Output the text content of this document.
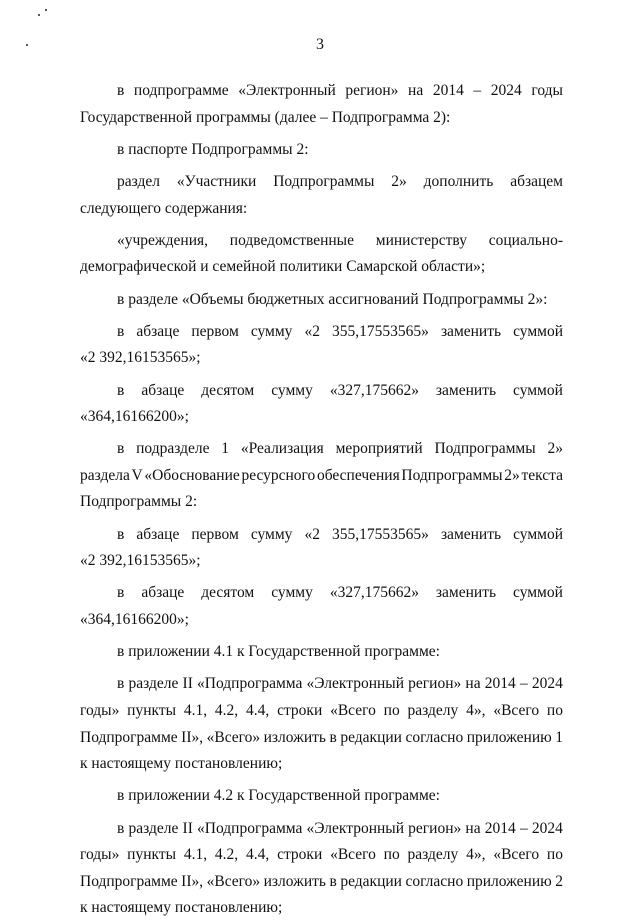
3
в подпрограмме «Электронный регион» на 2014 – 2024 годы
Государственной программы (далее – Подпрограмма 2):
в паспорте Подпрограммы 2:
раздел «Участники Подпрограммы 2» дополнить абзацем
следующего содержания:
«учреждения, подведомственные министерству социально-
демографической и семейной политики Самарской области»;
в разделе «Объемы бюджетных ассигнований Подпрограммы 2»:
в абзаце первом сумму «2 355,17553565» заменить суммой
«2 392,16153565»;
в абзаце десятом сумму «327,175662» заменить суммой
«364,16166200»;
в подразделе 1 «Реализация мероприятий Подпрограммы 2»
раздела V «Обоснование ресурсного обеспечения Подпрограммы 2» текста
Подпрограммы 2:
в абзаце первом сумму «2 355,17553565» заменить суммой
«2 392,16153565»;
в абзаце десятом сумму «327,175662» заменить суммой
«364,16166200»;
в приложении 4.1 к Государственной программе:
в разделе II «Подпрограмма «Электронный регион» на 2014 – 2024
годы» пункты 4.1, 4.2, 4.4, строки «Всего по разделу 4», «Всего по
Подпрограмме II», «Всего» изложить в редакции согласно приложению 1
к настоящему постановлению;
в приложении 4.2 к Государственной программе:
в разделе II «Подпрограмма «Электронный регион» на 2014 – 2024
годы» пункты 4.1, 4.2, 4.4, строки «Всего по разделу 4», «Всего по
Подпрограмме II», «Всего» изложить в редакции согласно приложению 2
к настоящему постановлению;
